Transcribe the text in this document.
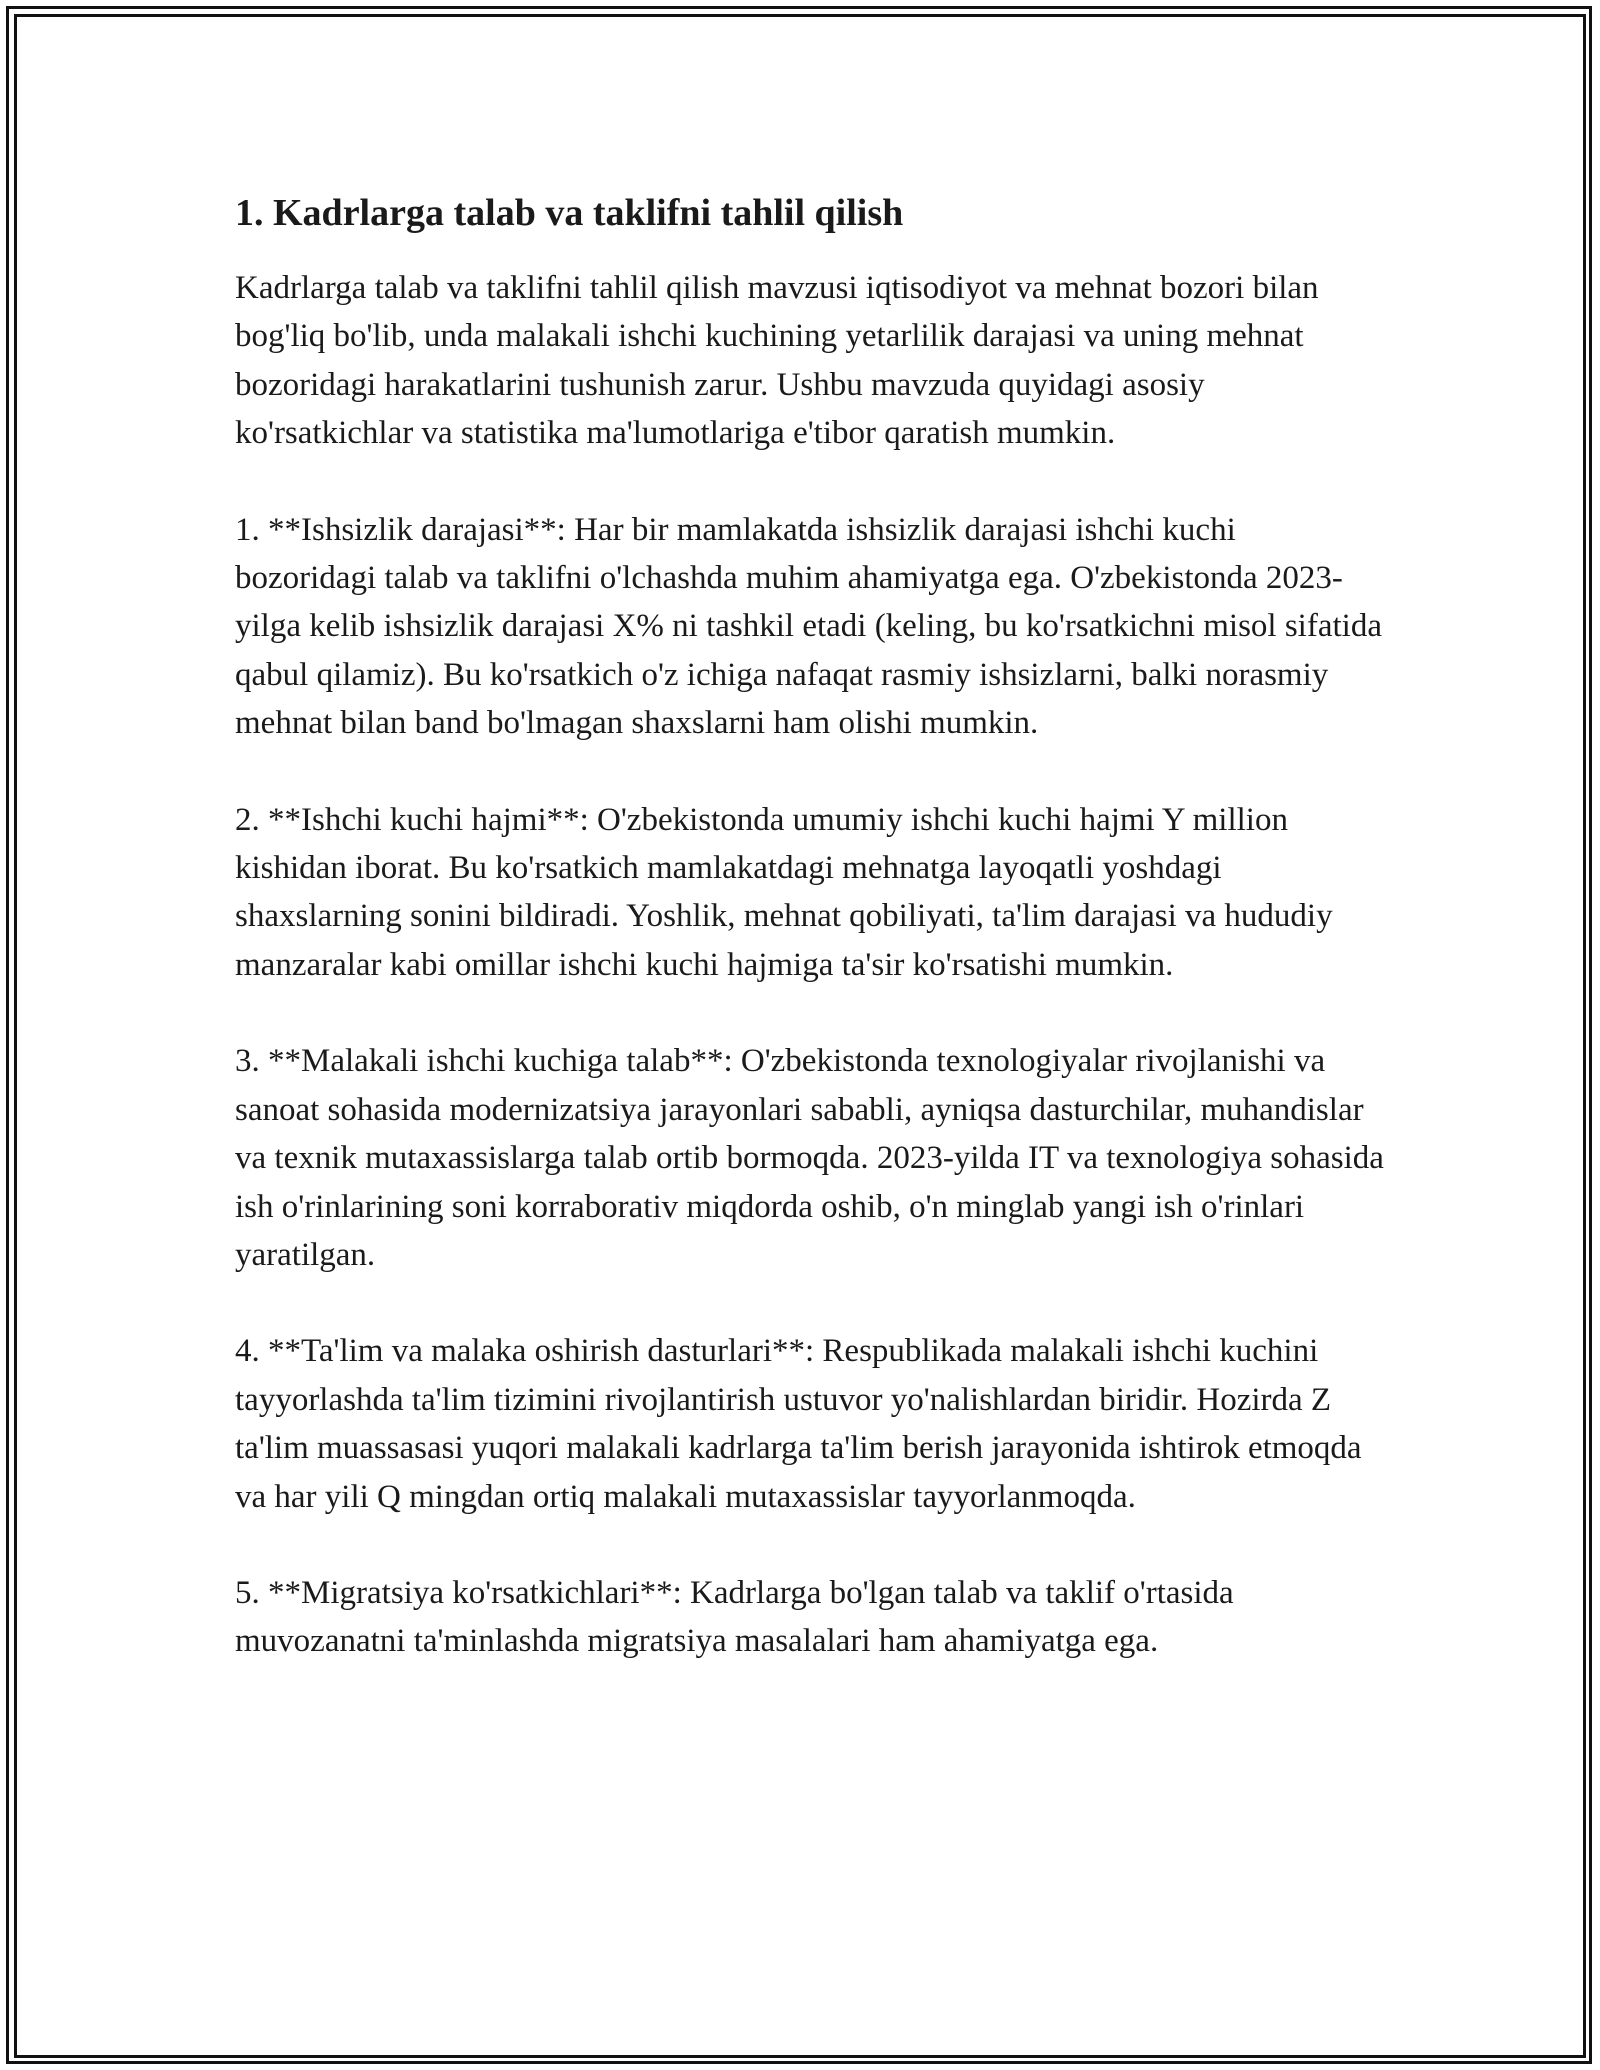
1. Kadrlarga talab va taklifni tahlil qilish

Kadrlarga talab va taklifni tahlil qilish mavzusi iqtisodiyot va mehnat bozori bilan bog'liq bo'lib, unda malakali ishchi kuchining yetarlilik darajasi va uning mehnat bozoridagi harakatlarini tushunish zarur. Ushbu mavzuda quyidagi asosiy ko'rsatkichlar va statistika ma'lumotlariga e'tibor qaratish mumkin.

1. **Ishsizlik darajasi**: Har bir mamlakatda ishsizlik darajasi ishchi kuchi bozoridagi talab va taklifni o'lchashda muhim ahamiyatga ega. O'zbekistonda 2023-yilga kelib ishsizlik darajasi X% ni tashkil etadi (keling, bu ko'rsatkichni misol sifatida qabul qilamiz). Bu ko'rsatkich o'z ichiga nafaqat rasmiy ishsizlarni, balki norasmiy mehnat bilan band bo'lmagan shaxslarni ham olishi mumkin.

2. **Ishchi kuchi hajmi**: O'zbekistonda umumiy ishchi kuchi hajmi Y million kishidan iborat. Bu ko'rsatkich mamlakatdagi mehnatga layoqatli yoshdagi shaxslarning sonini bildiradi. Yoshlik, mehnat qobiliyati, ta'lim darajasi va hududiy manzaralar kabi omillar ishchi kuchi hajmiga ta'sir ko'rsatishi mumkin.

3. **Malakali ishchi kuchiga talab**: O'zbekistonda texnologiyalar rivojlanishi va sanoat sohasida modernizatsiya jarayonlari sababli, ayniqsa dasturchilar, muhandislar va texnik mutaxassislarga talab ortib bormoqda. 2023-yilda IT va texnologiya sohasida ish o'rinlarining soni korraborativ miqdorda oshib, o'n minglab yangi ish o'rinlari yaratilgan.

4. **Ta'lim va malaka oshirish dasturlari**: Respublikada malakali ishchi kuchini tayyorlashda ta'lim tizimini rivojlantirish ustuvor yo'nalishlardan biridir. Hozirda Z ta'lim muassasasi yuqori malakali kadrlarga ta'lim berish jarayonida ishtirok etmoqda va har yili Q mingdan ortiq malakali mutaxassislar tayyorlanmoqda.

5. **Migratsiya ko'rsatkichlari**: Kadrlarga bo'lgan talab va taklif o'rtasida muvozanatni ta'minlashda migratsiya masalalari ham ahamiyatga ega.
